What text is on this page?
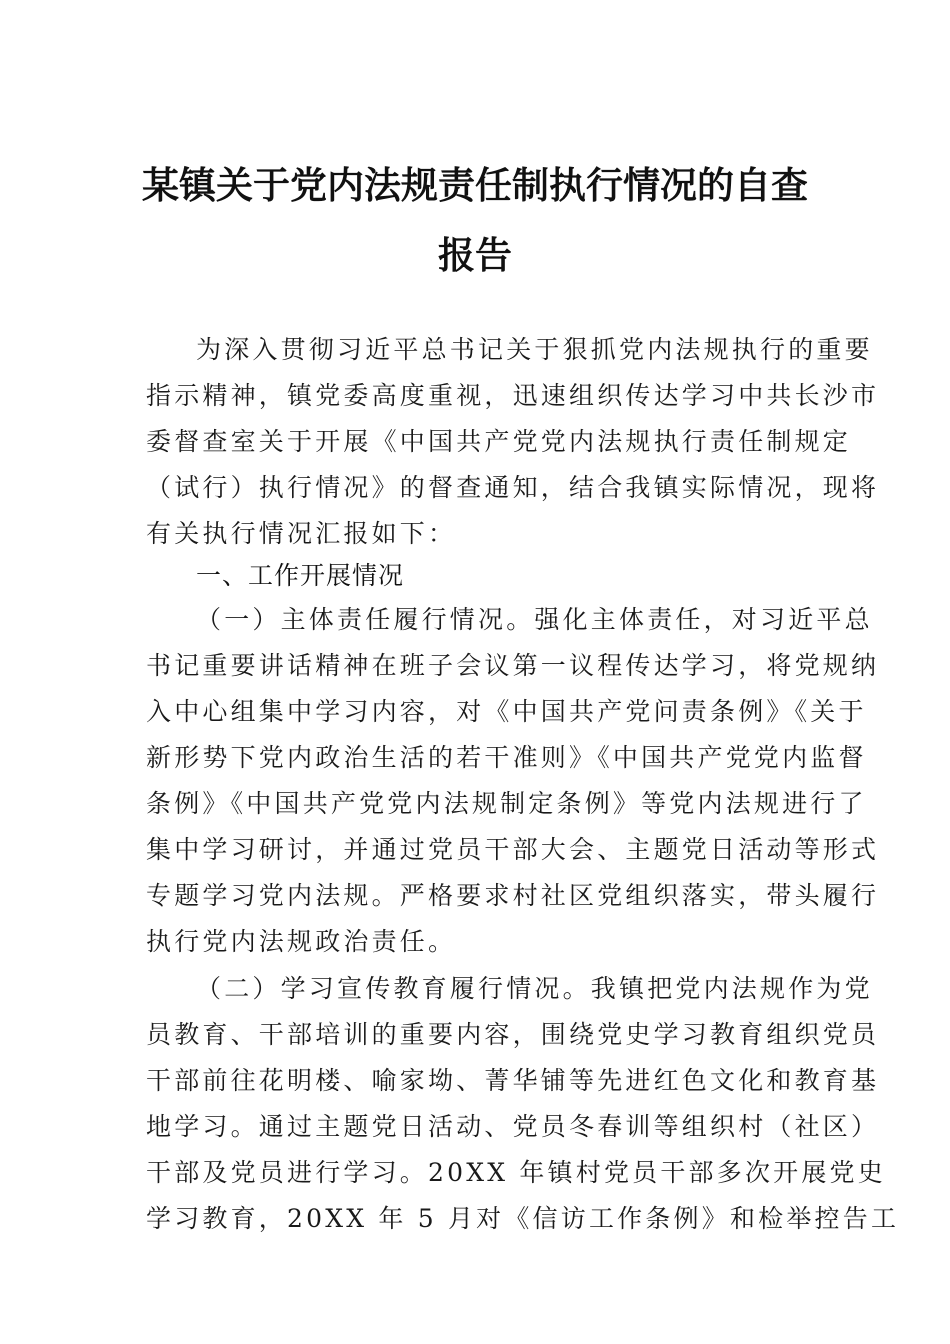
某镇关于党内法规责任制执行情况的自查
报告
为深入贯彻习近平总书记关于狠抓党内法规执行的重要
指示精神，镇党委高度重视，迅速组织传达学习中共长沙市
委督查室关于开展《中国共产党党内法规执行责任制规定
（试行）执行情况》的督查通知，结合我镇实际情况，现将
有关执行情况汇报如下：
一、工作开展情况
（一）主体责任履行情况。强化主体责任，对习近平总
书记重要讲话精神在班子会议第一议程传达学习，将党规纳
入中心组集中学习内容，对《中国共产党问责条例》《关于
新形势下党内政治生活的若干准则》《中国共产党党内监督
条例》《中国共产党党内法规制定条例》等党内法规进行了
集中学习研讨，并通过党员干部大会、主题党日活动等形式
专题学习党内法规。严格要求村社区党组织落实，带头履行
执行党内法规政治责任。
（二）学习宣传教育履行情况。我镇把党内法规作为党
员教育、干部培训的重要内容，围绕党史学习教育组织党员
干部前往花明楼、喻家坳、菁华铺等先进红色文化和教育基
地学习。通过主题党日活动、党员冬春训等组织村（社区）
干部及党员进行学习。20XX 年镇村党员干部多次开展党史
学习教育，20XX 年 5 月对《信访工作条例》和检举控告工
